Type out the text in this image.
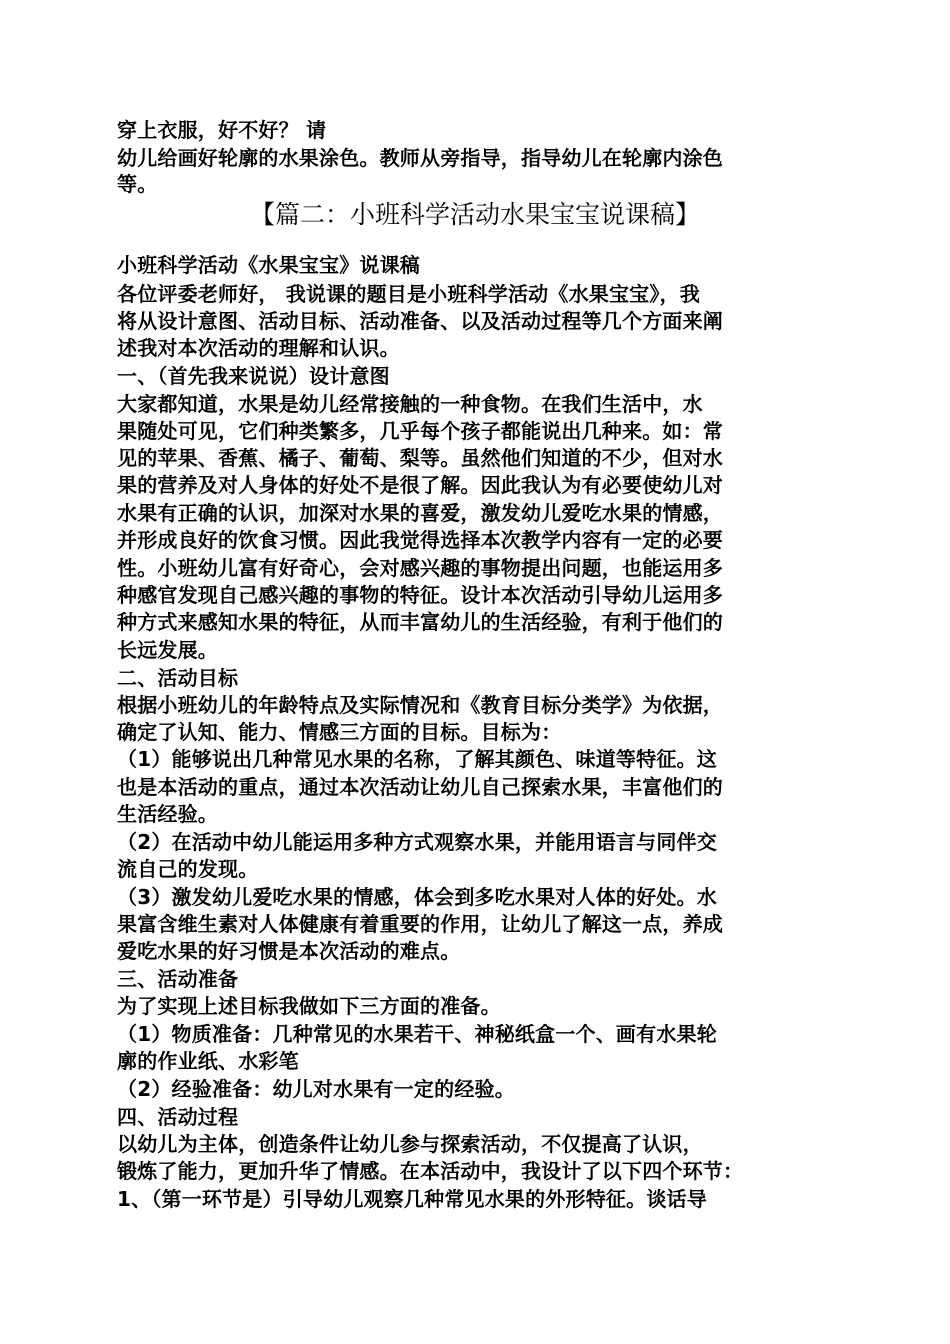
穿上衣服，好不好？ 请
幼儿给画好轮廓的水果涂色。教师从旁指导，指导幼儿在轮廓内涂色
等。
【篇二：小班科学活动水果宝宝说课稿】
小班科学活动《水果宝宝》说课稿
各位评委老师好， 我说课的题目是小班科学活动《水果宝宝》，我
将从设计意图、活动目标、活动准备、以及活动过程等几个方面来阐
述我对本次活动的理解和认识。
一、（首先我来说说）设计意图
大家都知道，水果是幼儿经常接触的一种食物。在我们生活中，水
果随处可见，它们种类繁多，几乎每个孩子都能说出几种来。如：常
见的苹果、香蕉、橘子、葡萄、梨等。虽然他们知道的不少，但对水
果的营养及对人身体的好处不是很了解。因此我认为有必要使幼儿对
水果有正确的认识，加深对水果的喜爱，激发幼儿爱吃水果的情感，
并形成良好的饮食习惯。因此我觉得选择本次教学内容有一定的必要
性。小班幼儿富有好奇心，会对感兴趣的事物提出问题，也能运用多
种感官发现自己感兴趣的事物的特征。设计本次活动引导幼儿运用多
种方式来感知水果的特征，从而丰富幼儿的生活经验，有利于他们的
长远发展。
二、活动目标
根据小班幼儿的年龄特点及实际情况和《教育目标分类学》为依据，
确定了认知、能力、情感三方面的目标。目标为：
（1）能够说出几种常见水果的名称，了解其颜色、味道等特征。这
也是本活动的重点，通过本次活动让幼儿自己探索水果，丰富他们的
生活经验。
（2）在活动中幼儿能运用多种方式观察水果，并能用语言与同伴交
流自己的发现。
（3）激发幼儿爱吃水果的情感，体会到多吃水果对人体的好处。水
果富含维生素对人体健康有着重要的作用，让幼儿了解这一点，养成
爱吃水果的好习惯是本次活动的难点。
三、活动准备
为了实现上述目标我做如下三方面的准备。
（1）物质准备：几种常见的水果若干、神秘纸盒一个、画有水果轮
廓的作业纸、水彩笔
（2）经验准备：幼儿对水果有一定的经验。
四、活动过程
以幼儿为主体，创造条件让幼儿参与探索活动，不仅提高了认识，
锻炼了能力，更加升华了情感。在本活动中，我设计了以下四个环节：
1、（第一环节是）引导幼儿观察几种常见水果的外形特征。谈话导
